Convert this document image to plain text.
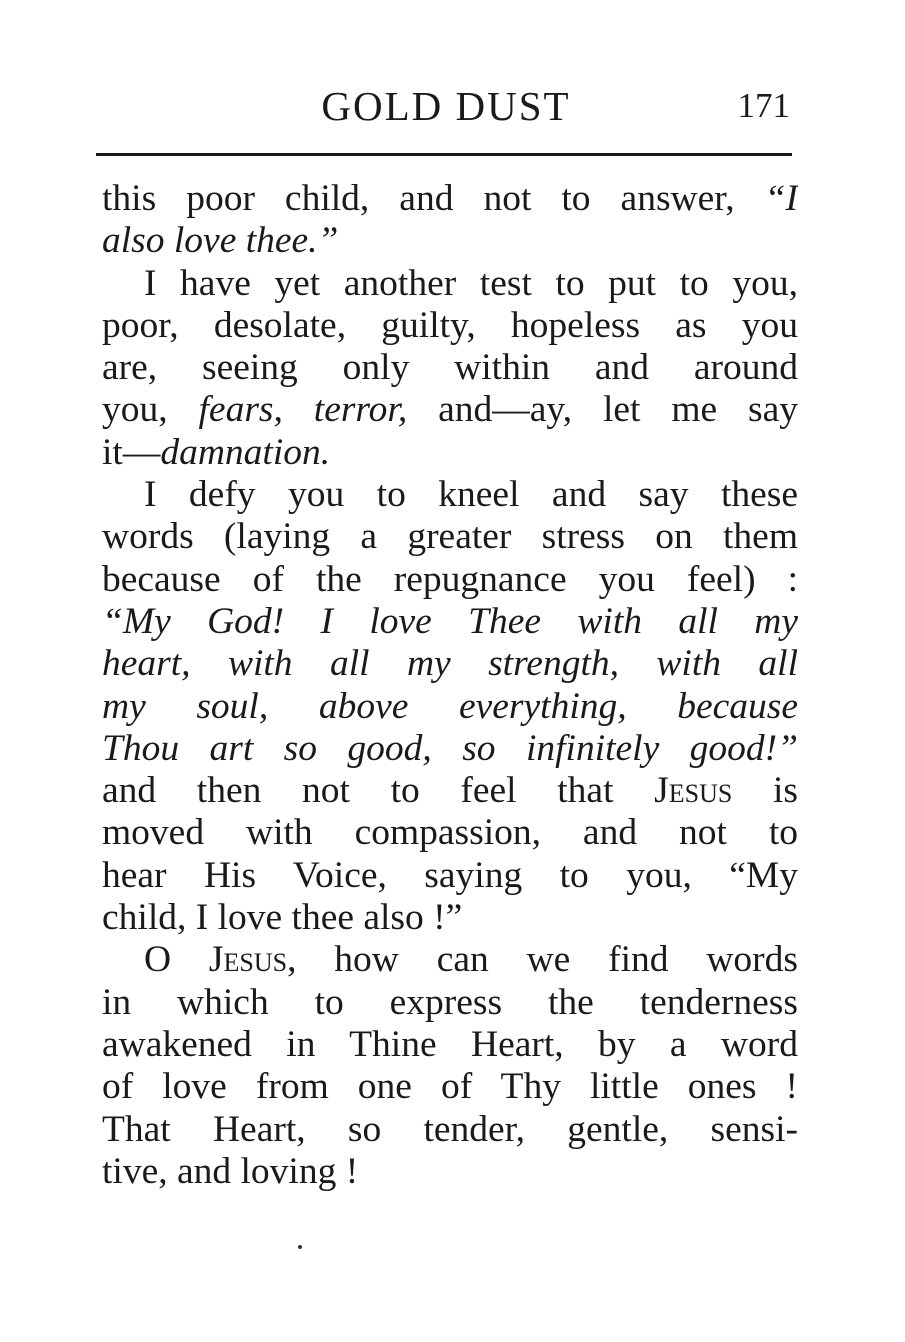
GOLD DUST	171
this poor child, and not to answer, “I
also love thee.”
I have yet another test to put to you,
poor, desolate, guilty, hopeless as you
are, seeing only within and around
you, fears, terror, and—ay, let me say
it—damnation.
I defy you to kneel and say these
words (laying a greater stress on them
because of the repugnance you feel) :
“My God! I love Thee with all my
heart, with all my strength, with all
my soul, above everything, because
Thou art so good, so infinitely good!”
and then not to feel that Jesus is
moved with compassion, and not to
hear His Voice, saying to you, “My
child, I love thee also !”
O Jesus, how can we find words
in which to express the tenderness
awakened in Thine Heart, by a word
of love from one of Thy little ones !
That Heart, so tender, gentle, sensi-
tive, and loving !
